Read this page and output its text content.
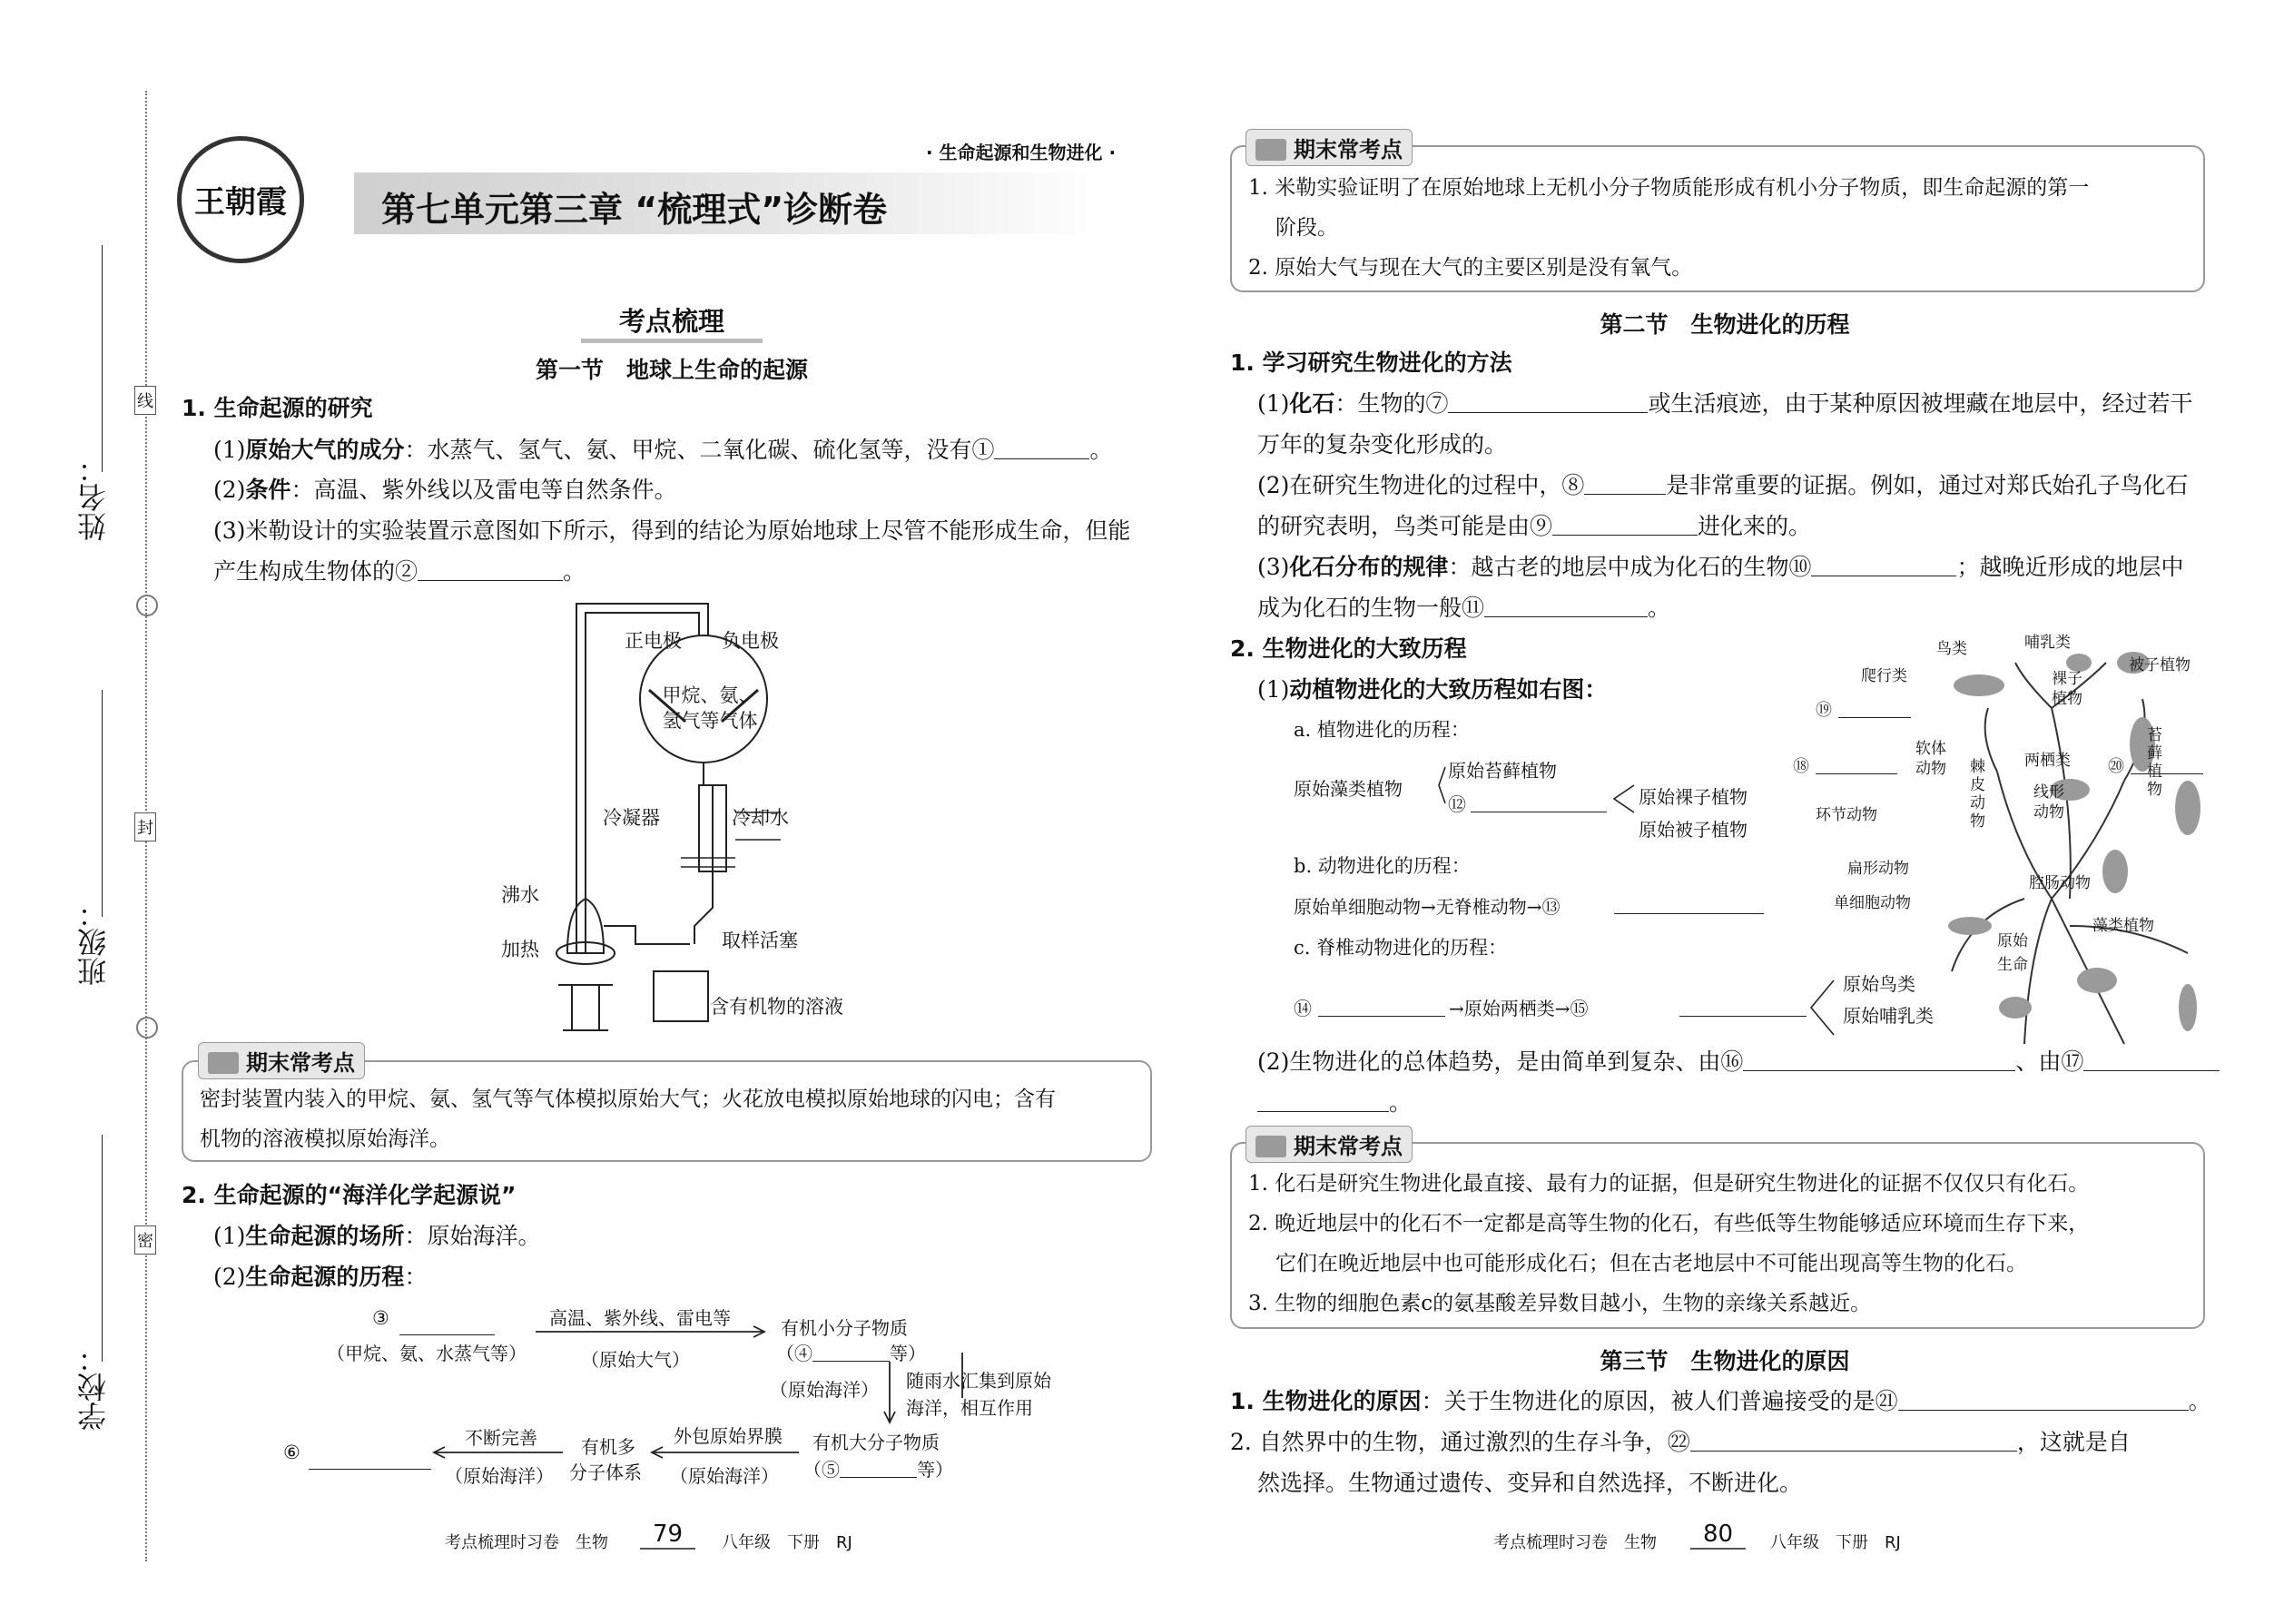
姓名：
班级：
学校：
线
封
密
王朝霞	第七单元第三章 “梳理式”诊断卷
· 生命起源和生物进化 ·
考点梳理
第一节　地球上生命的起源
1. 生命起源的研究
(1)原始大气的成分：水蒸气、氢气、氨、甲烷、二氧化碳、硫化氢等，没有①	。
(2)条件：高温、紫外线以及雷电等自然条件。
(3)米勒设计的实验装置示意图如下所示，得到的结论为原始地球上尽管不能形成生命，但能
产生构成生物体的②	。
正电极 负电极
甲烷、氨、氢气等气体
冷凝器	冷却水
沸水
加热	取样活塞
含有机物的溶液
期末常考点
密封装置内装入的甲烷、氨、氢气等气体模拟原始大气；火花放电模拟原始地球的闪电；含有
机物的溶液模拟原始海洋。
2. 生命起源的“海洋化学起源说”
(1)生命起源的场所：原始海洋。
(2)生命起源的历程：
③
（甲烷、氨、水蒸气等）
高温、紫外线、雷电等
（原始大气）
有机小分子物质
（④	等）
（原始海洋） 随雨水汇集到原始
海洋，相互作用
有机大分子物质
（⑤	等）
外包原始界膜
（原始海洋）
有机多
分子体系
不断完善
（原始海洋）
⑥
考点梳理时习卷　生物	79	八年级　下册　RJ
期末常考点
1. 米勒实验证明了在原始地球上无机小分子物质能形成有机小分子物质，即生命起源的第一
阶段。
2. 原始大气与现在大气的主要区别是没有氧气。
第二节　生物进化的历程
1. 学习研究生物进化的方法
(1)化石：生物的⑦	或生活痕迹，由于某种原因被埋藏在地层中，经过若干
万年的复杂变化形成的。
(2)在研究生物进化的过程中，⑧	是非常重要的证据。例如，通过对郑氏始孔子鸟化石
的研究表明，鸟类可能是由⑨	进化来的。
(3)化石分布的规律：越古老的地层中成为化石的生物⑩	；越晚近形成的地层中
成为化石的生物一般⑪	。
2. 生物进化的大致历程
(1)动植物进化的大致历程如右图：
a. 植物进化的历程：
原始藻类植物
原始苔藓植物
⑫	原始裸子植物
原始被子植物
b. 动物进化的历程：
原始单细胞动物→无脊椎动物→⑬
c. 脊椎动物进化的历程：
⑭	→原始两栖类→⑮
原始鸟类
原始哺乳类
鸟类	哺乳类
裸子
植物
被子植物
爬行类
两栖类
苔藓植物
软体
动物 棘皮动物
线形
动物
环节动物
扁形动物
单细胞动物
腔肠动物
藻类植物
原始
生命
⑲
⑱	⑳
(2)生物进化的总体趋势，是由简单到复杂、由⑯	、由⑰
。
期末常考点
1. 化石是研究生物进化最直接、最有力的证据，但是研究生物进化的证据不仅仅只有化石。
2. 晚近地层中的化石不一定都是高等生物的化石，有些低等生物能够适应环境而生存下来，
它们在晚近地层中也可能形成化石；但在古老地层中不可能出现高等生物的化石。
3. 生物的细胞色素c的氨基酸差异数目越小，生物的亲缘关系越近。
第三节　生物进化的原因
1. 生物进化的原因：关于生物进化的原因，被人们普遍接受的是㉑	。
2. 自然界中的生物，通过激烈的生存斗争，㉒	，这就是自
然选择。生物通过遗传、变异和自然选择，不断进化。
考点梳理时习卷　生物	80	八年级　下册　RJ
